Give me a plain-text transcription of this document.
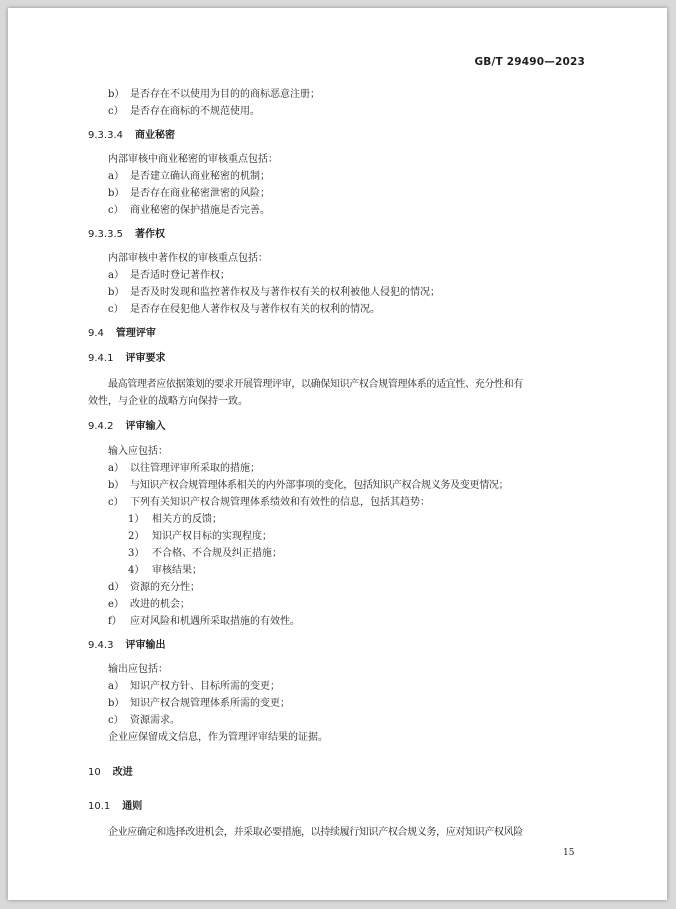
GB/T 29490—2023
b） 是否存在不以使用为目的的商标恶意注册；
c） 是否存在商标的不规范使用。
9.3.3.4 商业秘密
内部审核中商业秘密的审核重点包括：
a） 是否建立确认商业秘密的机制；
b） 是否存在商业秘密泄密的风险；
c） 商业秘密的保护措施是否完善。
9.3.3.5 著作权
内部审核中著作权的审核重点包括：
a） 是否适时登记著作权；
b） 是否及时发现和监控著作权及与著作权有关的权利被他人侵犯的情况；
c） 是否存在侵犯他人著作权及与著作权有关的权利的情况。
9.4 管理评审
9.4.1 评审要求
最高管理者应依据策划的要求开展管理评审，以确保知识产权合规管理体系的适宜性、充分性和有
效性，与企业的战略方向保持一致。
9.4.2 评审输入
输入应包括：
a） 以往管理评审所采取的措施；
b） 与知识产权合规管理体系相关的内外部事项的变化，包括知识产权合规义务及变更情况；
c） 下列有关知识产权合规管理体系绩效和有效性的信息，包括其趋势：
1） 相关方的反馈；
2） 知识产权目标的实现程度；
3） 不合格、不合规及纠正措施；
4） 审核结果；
d） 资源的充分性；
e） 改进的机会；
f） 应对风险和机遇所采取措施的有效性。
9.4.3 评审输出
输出应包括：
a） 知识产权方针、目标所需的变更；
b） 知识产权合规管理体系所需的变更；
c） 资源需求。
企业应保留成文信息，作为管理评审结果的证据。
10 改进
10.1 通则
企业应确定和选择改进机会，并采取必要措施，以持续履行知识产权合规义务，应对知识产权风险
15
